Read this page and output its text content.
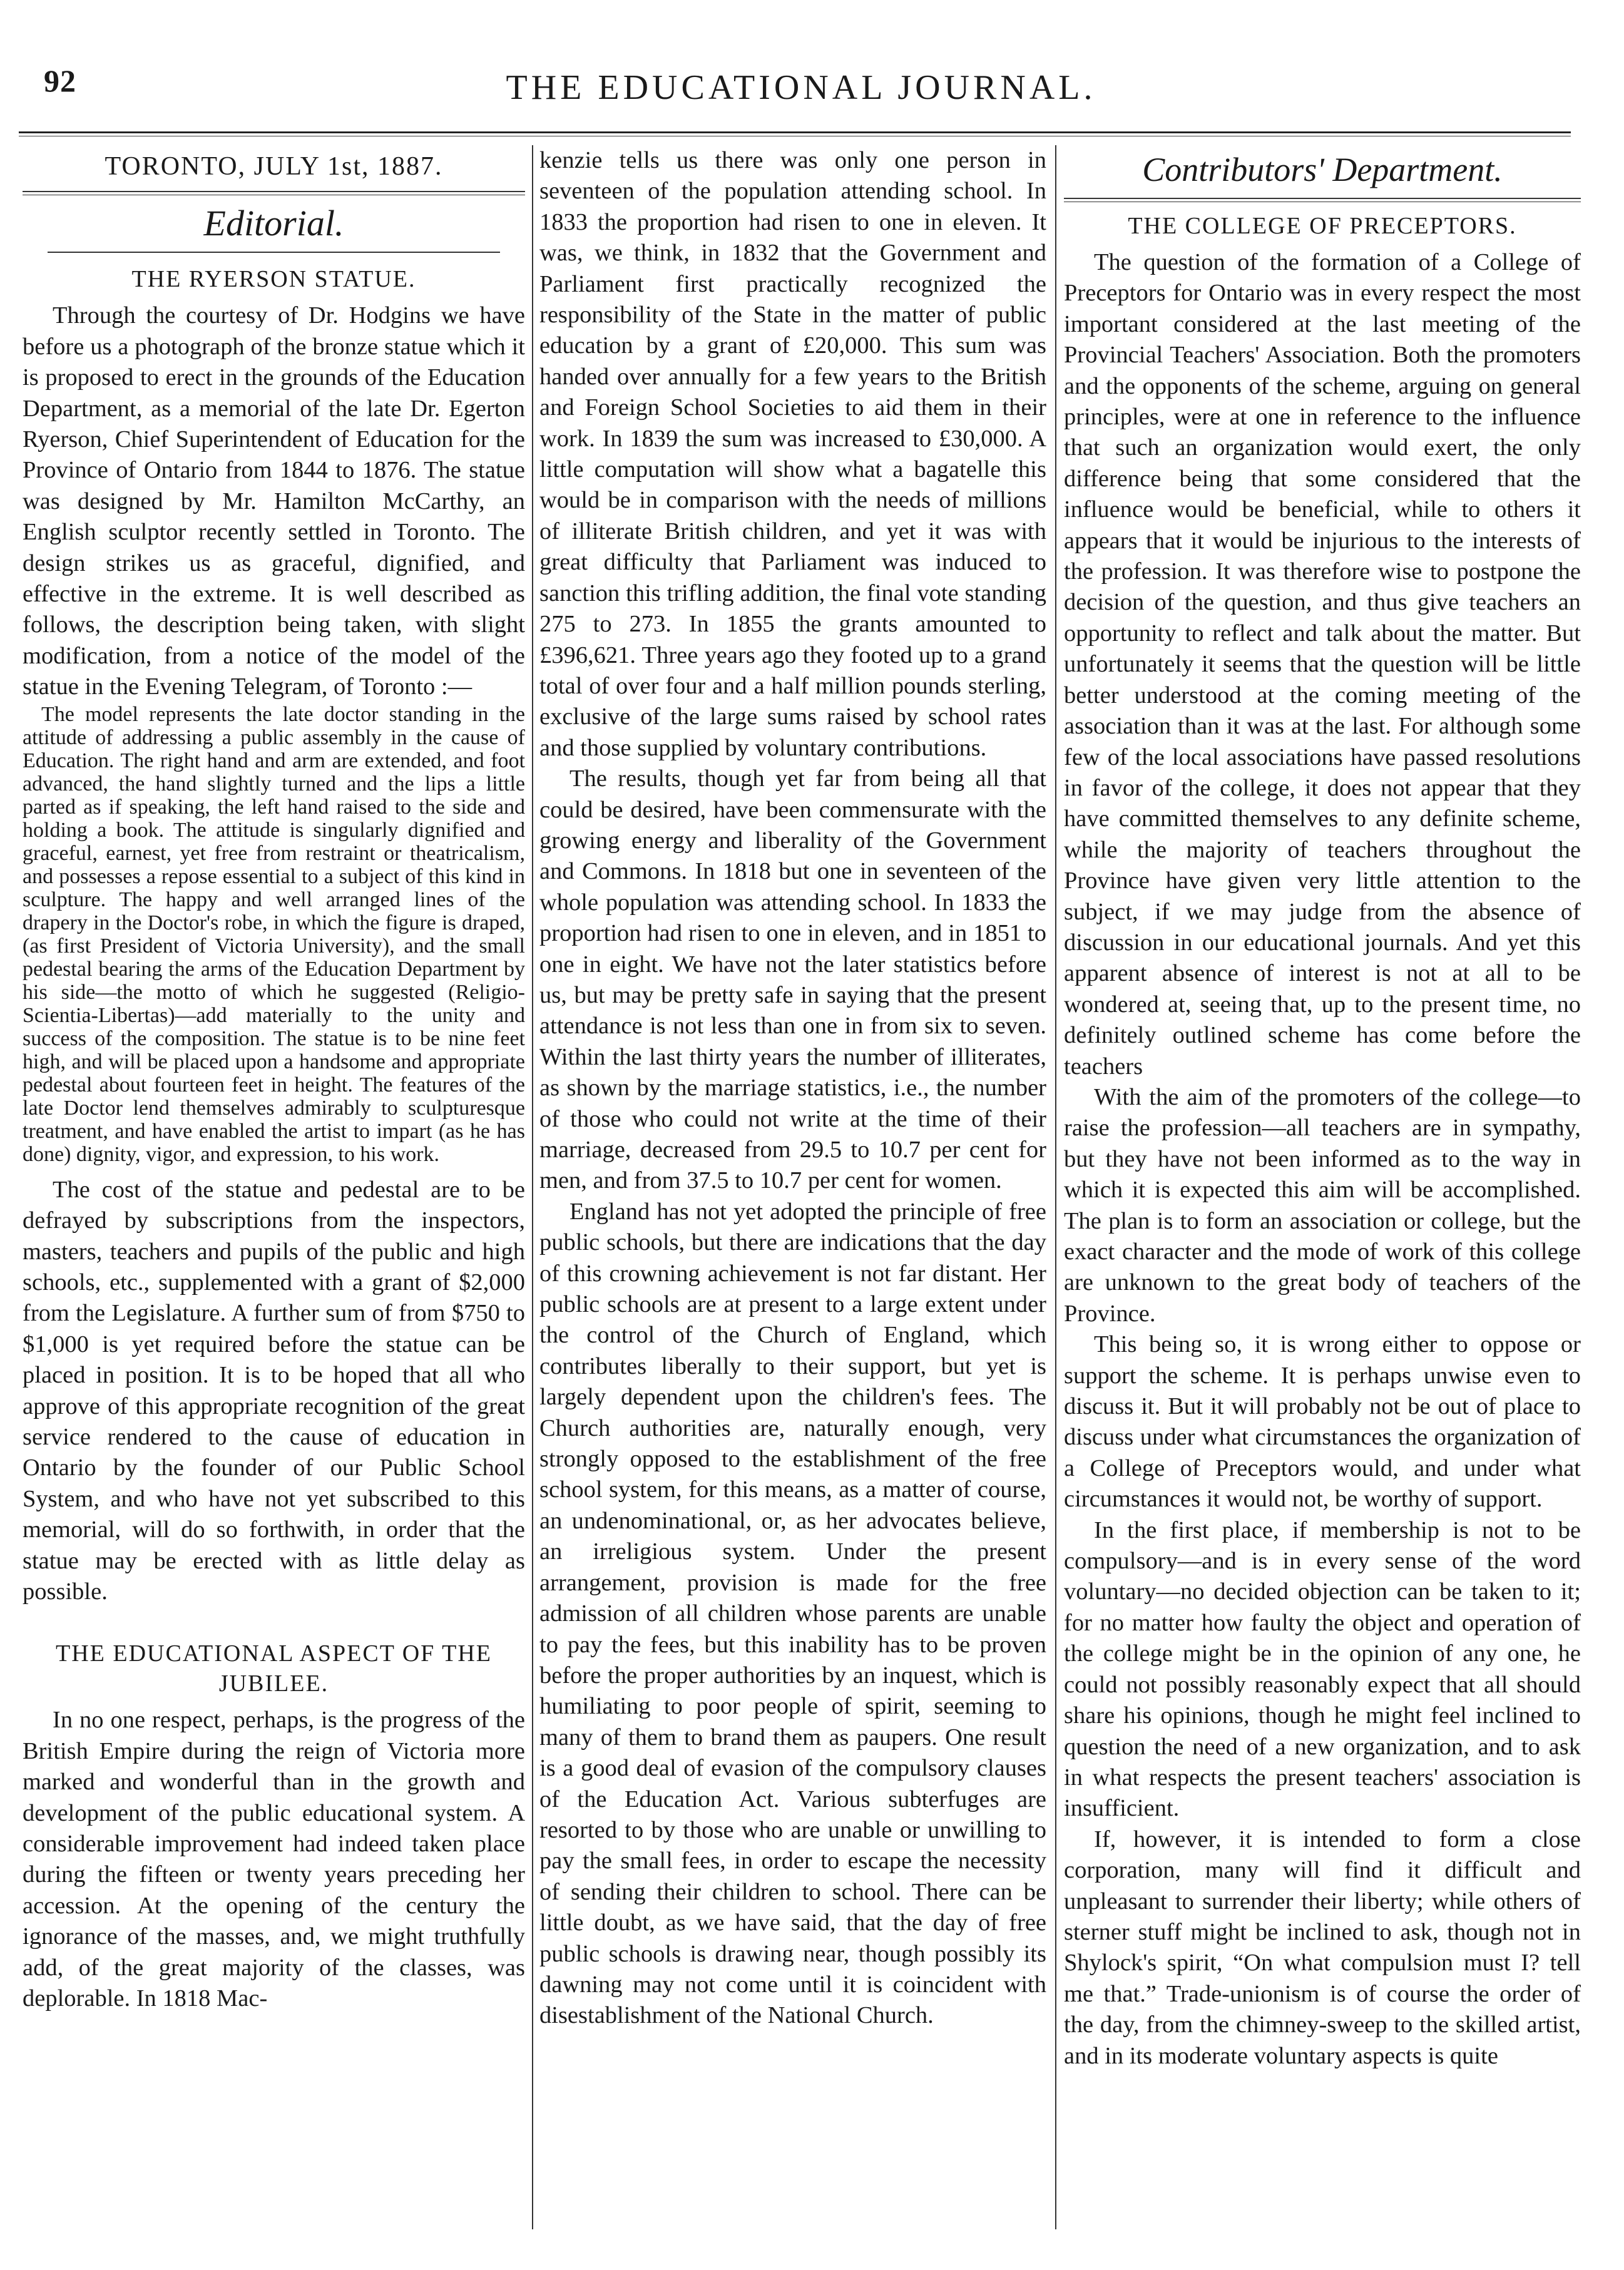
92	THE EDUCATIONAL JOURNAL.
TORONTO, JULY 1st, 1887.
Editorial.
THE RYERSON STATUE.

Through the courtesy of Dr. Hodgins we have before us a photograph of the bronze statue which it is proposed to erect in the grounds of the Education Department, as a memorial of the late Dr. Egerton Ryerson, Chief Superintendent of Education for the Province of Ontario from 1844 to 1876. The statue was designed by Mr. Hamilton McCarthy, an English sculptor recently settled in Toronto. The design strikes us as graceful, dignified, and effective in the extreme. It is well described as follows, the description being taken, with slight modification, from a notice of the model of the statue in the Evening Telegram, of Toronto :—

The model represents the late doctor standing in the attitude of addressing a public assembly in the cause of Education. The right hand and arm are extended, and foot advanced, the hand slightly turned and the lips a little parted as if speaking, the left hand raised to the side and holding a book. The attitude is singularly dignified and graceful, earnest, yet free from restraint or theatricalism, and possesses a repose essential to a subject of this kind in sculpture. The happy and well arranged lines of the drapery in the Doctor's robe, in which the figure is draped, (as first President of Victoria University), and the small pedestal bearing the arms of the Education Department by his side—the motto of which he suggested (Religio-Scientia-Libertas)—add materially to the unity and success of the composition. The statue is to be nine feet high, and will be placed upon a handsome and appropriate pedestal about fourteen feet in height. The features of the late Doctor lend themselves admirably to sculpturesque treatment, and have enabled the artist to impart (as he has done) dignity, vigor, and expression, to his work.

The cost of the statue and pedestal are to be defrayed by subscriptions from the inspectors, masters, teachers and pupils of the public and high schools, etc., supplemented with a grant of $2,000 from the Legislature. A further sum of from $750 to $1,000 is yet required before the statue can be placed in position. It is to be hoped that all who approve of this appropriate recognition of the great service rendered to the cause of education in Ontario by the founder of our Public School System, and who have not yet subscribed to this memorial, will do so forthwith, in order that the statue may be erected with as little delay as possible.

THE EDUCATIONAL ASPECT OF THE JUBILEE.

In no one respect, perhaps, is the progress of the British Empire during the reign of Victoria more marked and wonderful than in the growth and development of the public educational system. A considerable improvement had indeed taken place during the fifteen or twenty years preceding her accession. At the opening of the century the ignorance of the masses, and, we might truthfully add, of the great majority of the classes, was deplorable. In 1818 Mac-

kenzie tells us there was only one person in seventeen of the population attending school. In 1833 the proportion had risen to one in eleven. It was, we think, in 1832 that the Government and Parliament first practically recognized the responsibility of the State in the matter of public education by a grant of £20,000. This sum was handed over annually for a few years to the British and Foreign School Societies to aid them in their work. In 1839 the sum was increased to £30,000. A little computation will show what a bagatelle this would be in comparison with the needs of millions of illiterate British children, and yet it was with great difficulty that Parliament was induced to sanction this trifling addition, the final vote standing 275 to 273. In 1855 the grants amounted to £396,621. Three years ago they footed up to a grand total of over four and a half million pounds sterling, exclusive of the large sums raised by school rates and those supplied by voluntary contributions.

The results, though yet far from being all that could be desired, have been commensurate with the growing energy and liberality of the Government and Commons. In 1818 but one in seventeen of the whole population was attending school. In 1833 the proportion had risen to one in eleven, and in 1851 to one in eight. We have not the later statistics before us, but may be pretty safe in saying that the present attendance is not less than one in from six to seven. Within the last thirty years the number of illiterates, as shown by the marriage statistics, i.e., the number of those who could not write at the time of their marriage, decreased from 29.5 to 10.7 per cent for men, and from 37.5 to 10.7 per cent for women.

England has not yet adopted the principle of free public schools, but there are indications that the day of this crowning achievement is not far distant. Her public schools are at present to a large extent under the control of the Church of England, which contributes liberally to their support, but yet is largely dependent upon the children's fees. The Church authorities are, naturally enough, very strongly opposed to the establishment of the free school system, for this means, as a matter of course, an undenominational, or, as her advocates believe, an irreligious system. Under the present arrangement, provision is made for the free admission of all children whose parents are unable to pay the fees, but this inability has to be proven before the proper authorities by an inquest, which is humiliating to poor people of spirit, seeming to many of them to brand them as paupers. One result is a good deal of evasion of the compulsory clauses of the Education Act. Various subterfuges are resorted to by those who are unable or unwilling to pay the small fees, in order to escape the necessity of sending their children to school. There can be little doubt, as we have said, that the day of free public schools is drawing near, though possibly its dawning may not come until it is coincident with disestablishment of the National Church.

Contributors' Department.
THE COLLEGE OF PRECEPTORS.

The question of the formation of a College of Preceptors for Ontario was in every respect the most important considered at the last meeting of the Provincial Teachers' Association. Both the promoters and the opponents of the scheme, arguing on general principles, were at one in reference to the influence that such an organization would exert, the only difference being that some considered that the influence would be beneficial, while to others it appears that it would be injurious to the interests of the profession. It was therefore wise to postpone the decision of the question, and thus give teachers an opportunity to reflect and talk about the matter. But unfortunately it seems that the question will be little better understood at the coming meeting of the association than it was at the last. For although some few of the local associations have passed resolutions in favor of the college, it does not appear that they have committed themselves to any definite scheme, while the majority of teachers throughout the Province have given very little attention to the subject, if we may judge from the absence of discussion in our educational journals. And yet this apparent absence of interest is not at all to be wondered at, seeing that, up to the present time, no definitely outlined scheme has come before the teachers

With the aim of the promoters of the college—to raise the profession—all teachers are in sympathy, but they have not been informed as to the way in which it is expected this aim will be accomplished. The plan is to form an association or college, but the exact character and the mode of work of this college are unknown to the great body of teachers of the Province.

This being so, it is wrong either to oppose or support the scheme. It is perhaps unwise even to discuss it. But it will probably not be out of place to discuss under what circumstances the organization of a College of Preceptors would, and under what circumstances it would not, be worthy of support.

In the first place, if membership is not to be compulsory—and is in every sense of the word voluntary—no decided objection can be taken to it; for no matter how faulty the object and operation of the college might be in the opinion of any one, he could not possibly reasonably expect that all should share his opinions, though he might feel inclined to question the need of a new organization, and to ask in what respects the present teachers' association is insufficient.

If, however, it is intended to form a close corporation, many will find it difficult and unpleasant to surrender their liberty; while others of sterner stuff might be inclined to ask, though not in Shylock's spirit, “On what compulsion must I? tell me that.” Trade-unionism is of course the order of the day, from the chimney-sweep to the skilled artist, and in its moderate voluntary aspects is quite
